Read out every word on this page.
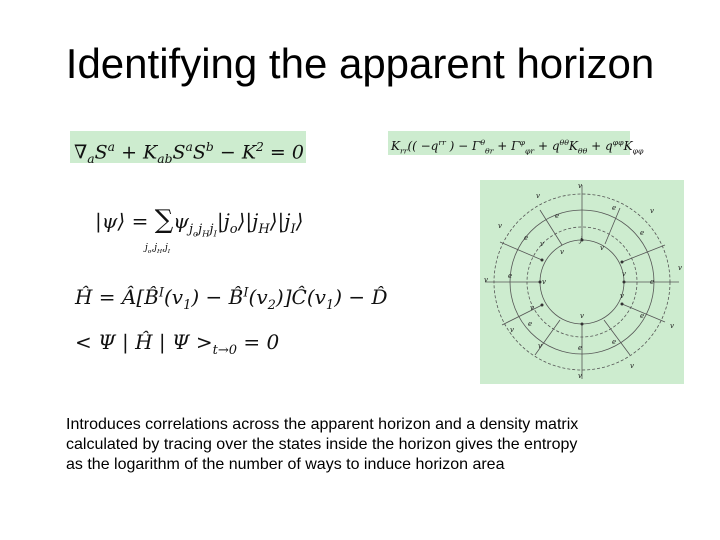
Identifying the apparent horizon
$\nabla_aS^a + K_{ab}S^aS^b - K^2 = 0$	$K_{rr}(( -q^{rr}$ ) − $\Gamma^\theta_{\theta r} + \Gamma^\varphi_{\varphi r} + q^{\theta\theta}K_{\theta\theta} + q^{\varphi\varphi}K_{\varphi\varphi}$
|ψ⟩ = $\sum\psi_{j_oj_Hj_I}|j_o⟩|j_H⟩|j_I⟩$
$j_o,j_H,j_I$
Ĥ = $Â[B̂^I(v_1)$ − $B̂^I(v_2)]Ĉ(v_1)$ − D̂
< Ψ | Ĥ | $\Psi >_{t\to 0} = 0$
v
v
e	v
e
v
e
e
v
v	v
v
e
v
v
e
v
v
v
v
e
e
e
e
v	v
v
v
v

Introduces correlations across the apparent horizon and a density matrix

calculated by tracing over the states inside the horizon gives the entropy

as the logarithm of the number of ways to induce horizon area
